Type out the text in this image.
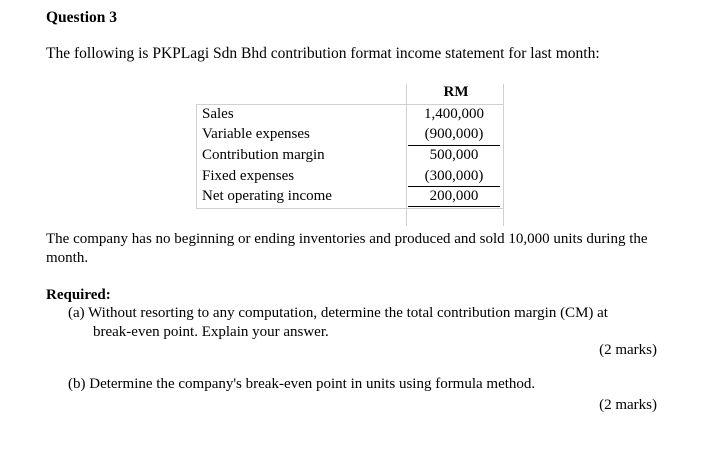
Question 3
The following is PKPLagi Sdn Bhd contribution format income statement for last month:
RM
Sales	1,400,000
Variable expenses	(900,000)
Contribution margin	500,000
Fixed expenses	(300,000)
Net operating income	200,000
The company has no beginning or ending inventories and produced and sold 10,000 units during the month.
Required:
(a) Without resorting to any computation, determine the total contribution margin (CM) at
break-even point. Explain your answer.
(2 marks)
(b) Determine the company's break-even point in units using formula method.
(2 marks)
